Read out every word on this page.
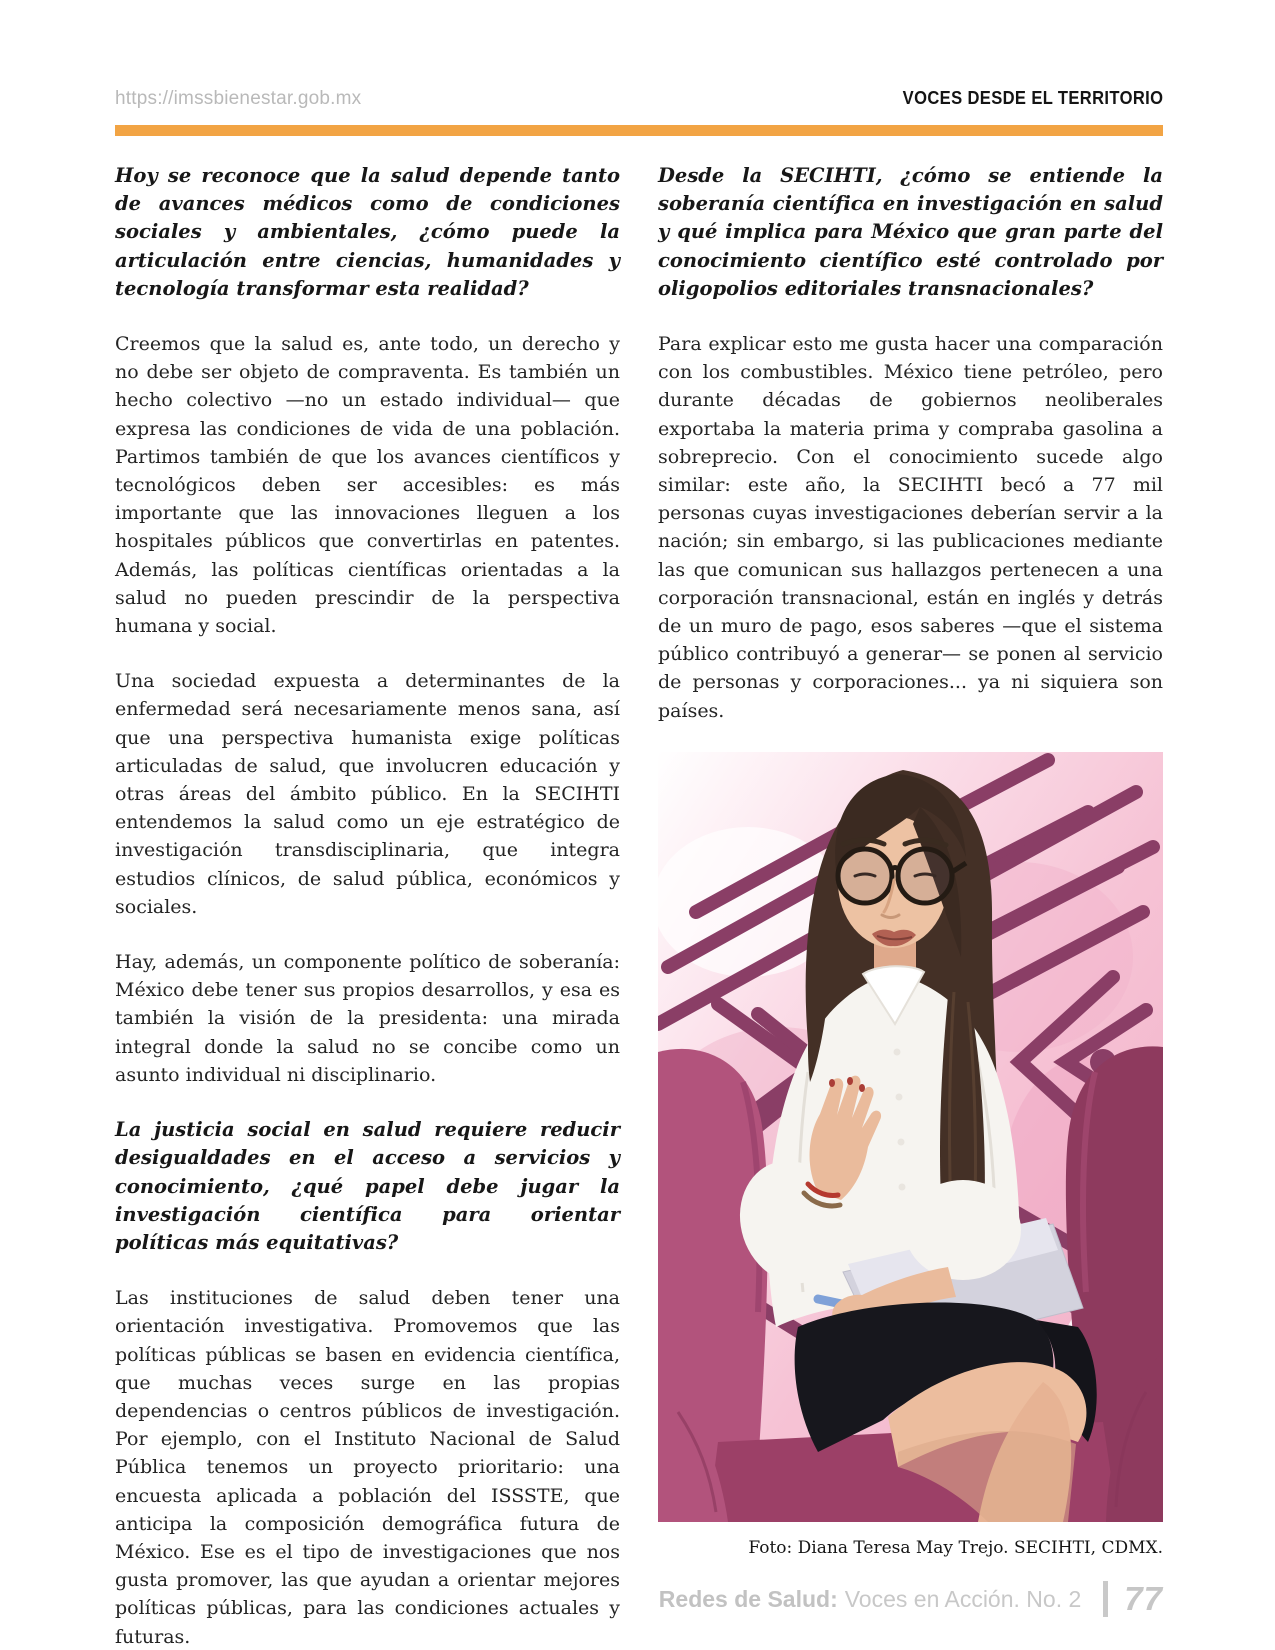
https://imssbienestar.gob.mx	VOCES DESDE EL TERRITORIO

Hoy se reconoce que la salud depende tanto de avances médicos como de condiciones sociales y ambientales, ¿cómo puede la articulación entre ciencias, humanidades y tecnología transformar esta realidad?

Creemos que la salud es, ante todo, un derecho y no debe ser objeto de compraventa. Es también un hecho colectivo —no un estado individual— que expresa las condiciones de vida de una población. Partimos también de que los avances científicos y tecnológicos deben ser accesibles: es más importante que las innovaciones lleguen a los hospitales públicos que convertirlas en patentes. Además, las políticas científicas orientadas a la salud no pueden prescindir de la perspectiva humana y social.

Una sociedad expuesta a determinantes de la enfermedad será necesariamente menos sana, así que una perspectiva humanista exige políticas articuladas de salud, que involucren educación y otras áreas del ámbito público. En la SECIHTI entendemos la salud como un eje estratégico de investigación transdisciplinaria, que integra estudios clínicos, de salud pública, económicos y sociales.

Hay, además, un componente político de soberanía: México debe tener sus propios desarrollos, y esa es también la visión de la presidenta: una mirada integral donde la salud no se concibe como un asunto individual ni disciplinario.

La justicia social en salud requiere reducir desigualdades en el acceso a servicios y conocimiento, ¿qué papel debe jugar la investigación científica para orientar políticas más equitativas?

Las instituciones de salud deben tener una orientación investigativa. Promovemos que las políticas públicas se basen en evidencia científica, que muchas veces surge en las propias dependencias o centros públicos de investigación. Por ejemplo, con el Instituto Nacional de Salud Pública tenemos un proyecto prioritario: una encuesta aplicada a población del ISSSTE, que anticipa la composición demográfica futura de México. Ese es el tipo de investigaciones que nos gusta promover, las que ayudan a orientar mejores políticas públicas, para las condiciones actuales y futuras.

Desde la SECIHTI, ¿cómo se entiende la soberanía científica en investigación en salud y qué implica para México que gran parte del conocimiento científico esté controlado por oligopolios editoriales transnacionales?

Para explicar esto me gusta hacer una comparación con los combustibles. México tiene petróleo, pero durante décadas de gobiernos neoliberales exportaba la materia prima y compraba gasolina a sobreprecio. Con el conocimiento sucede algo similar: este año, la SECIHTI becó a 77 mil personas cuyas investigaciones deberían servir a la nación; sin embargo, si las publicaciones mediante las que comunican sus hallazgos pertenecen a una corporación transnacional, están en inglés y detrás de un muro de pago, esos saberes —que el sistema público contribuyó a generar— se ponen al servicio de personas y corporaciones... ya ni siquiera son países.

Foto: Diana Teresa May Trejo. SECIHTI, CDMX.
Redes de Salud: Voces en Acción. No. 2 77
